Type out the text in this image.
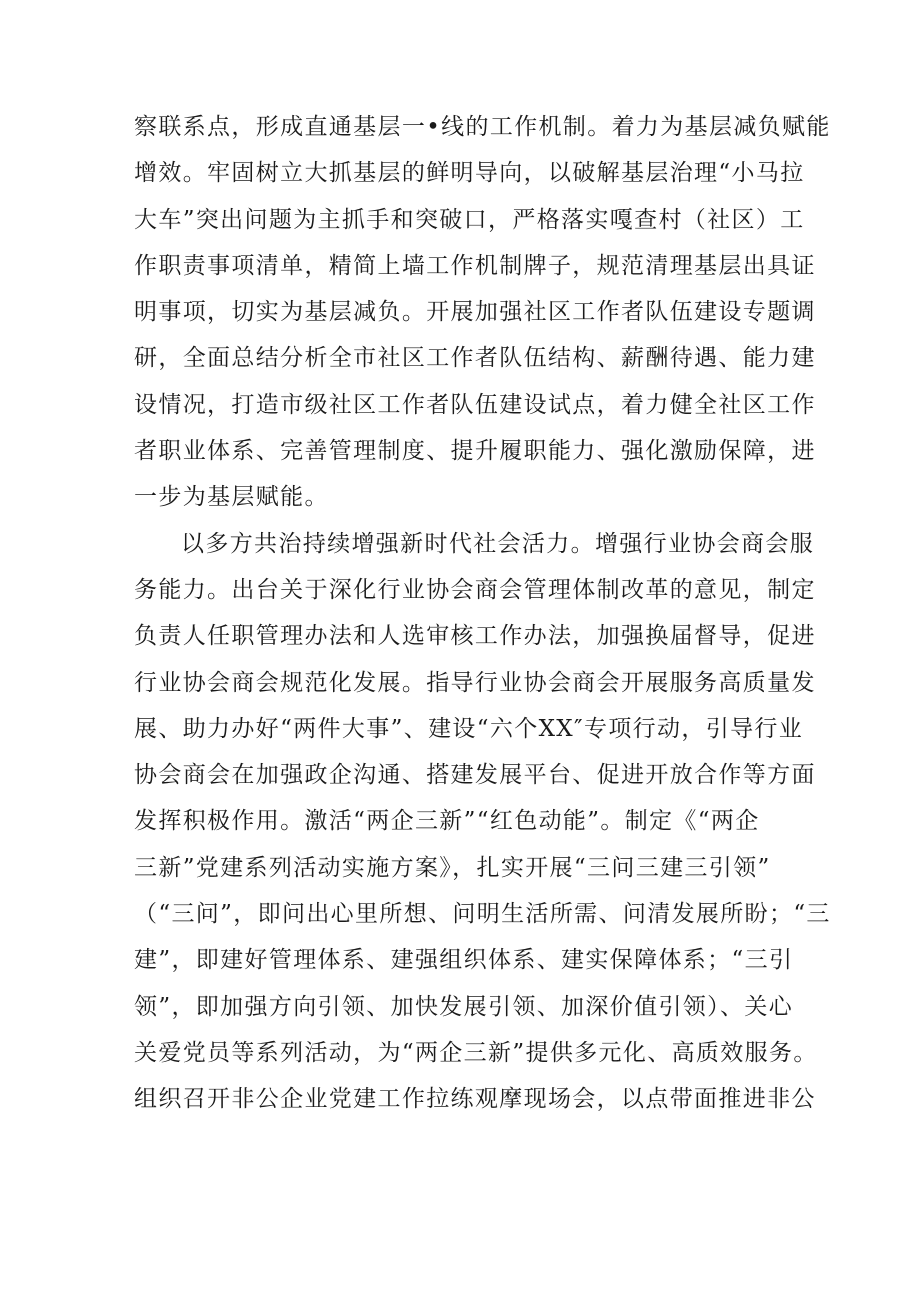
察联系点，形成直通基层一•线的工作机制。着力为基层减负赋能
增效。牢固树立大抓基层的鲜明导向，以破解基层治理“小马拉
大车”突出问题为主抓手和突破口，严格落实嘎查村（社区）工
作职责事项清单，精简上墙工作机制牌子，规范清理基层出具证
明事项，切实为基层减负。开展加强社区工作者队伍建设专题调
研，全面总结分析全市社区工作者队伍结构、薪酬待遇、能力建
设情况，打造市级社区工作者队伍建设试点，着力健全社区工作
者职业体系、完善管理制度、提升履职能力、强化激励保障，进
一步为基层赋能。
以多方共治持续增强新时代社会活力。增强行业协会商会服
务能力。出台关于深化行业协会商会管理体制改革的意见，制定
负责人任职管理办法和人选审核工作办法，加强换届督导，促进
行业协会商会规范化发展。指导行业协会商会开展服务高质量发
展、助力办好“两件大事”、建设“六个XX″专项行动，引导行业
协会商会在加强政企沟通、搭建发展平台、促进开放合作等方面
发挥积极作用。激活“两企三新”“红色动能”。制定《“两企
三新”党建系列活动实施方案》，扎实开展“三问三建三引领”
（“三问”，即问出心里所想、问明生活所需、问清发展所盼；“三
建”，即建好管理体系、建强组织体系、建实保障体系；“三引
领”，即加强方向引领、加快发展引领、加深价值引领）、关心
关爱党员等系列活动，为“两企三新”提供多元化、高质效服务。
组织召开非公企业党建工作拉练观摩现场会，以点带面推进非公
